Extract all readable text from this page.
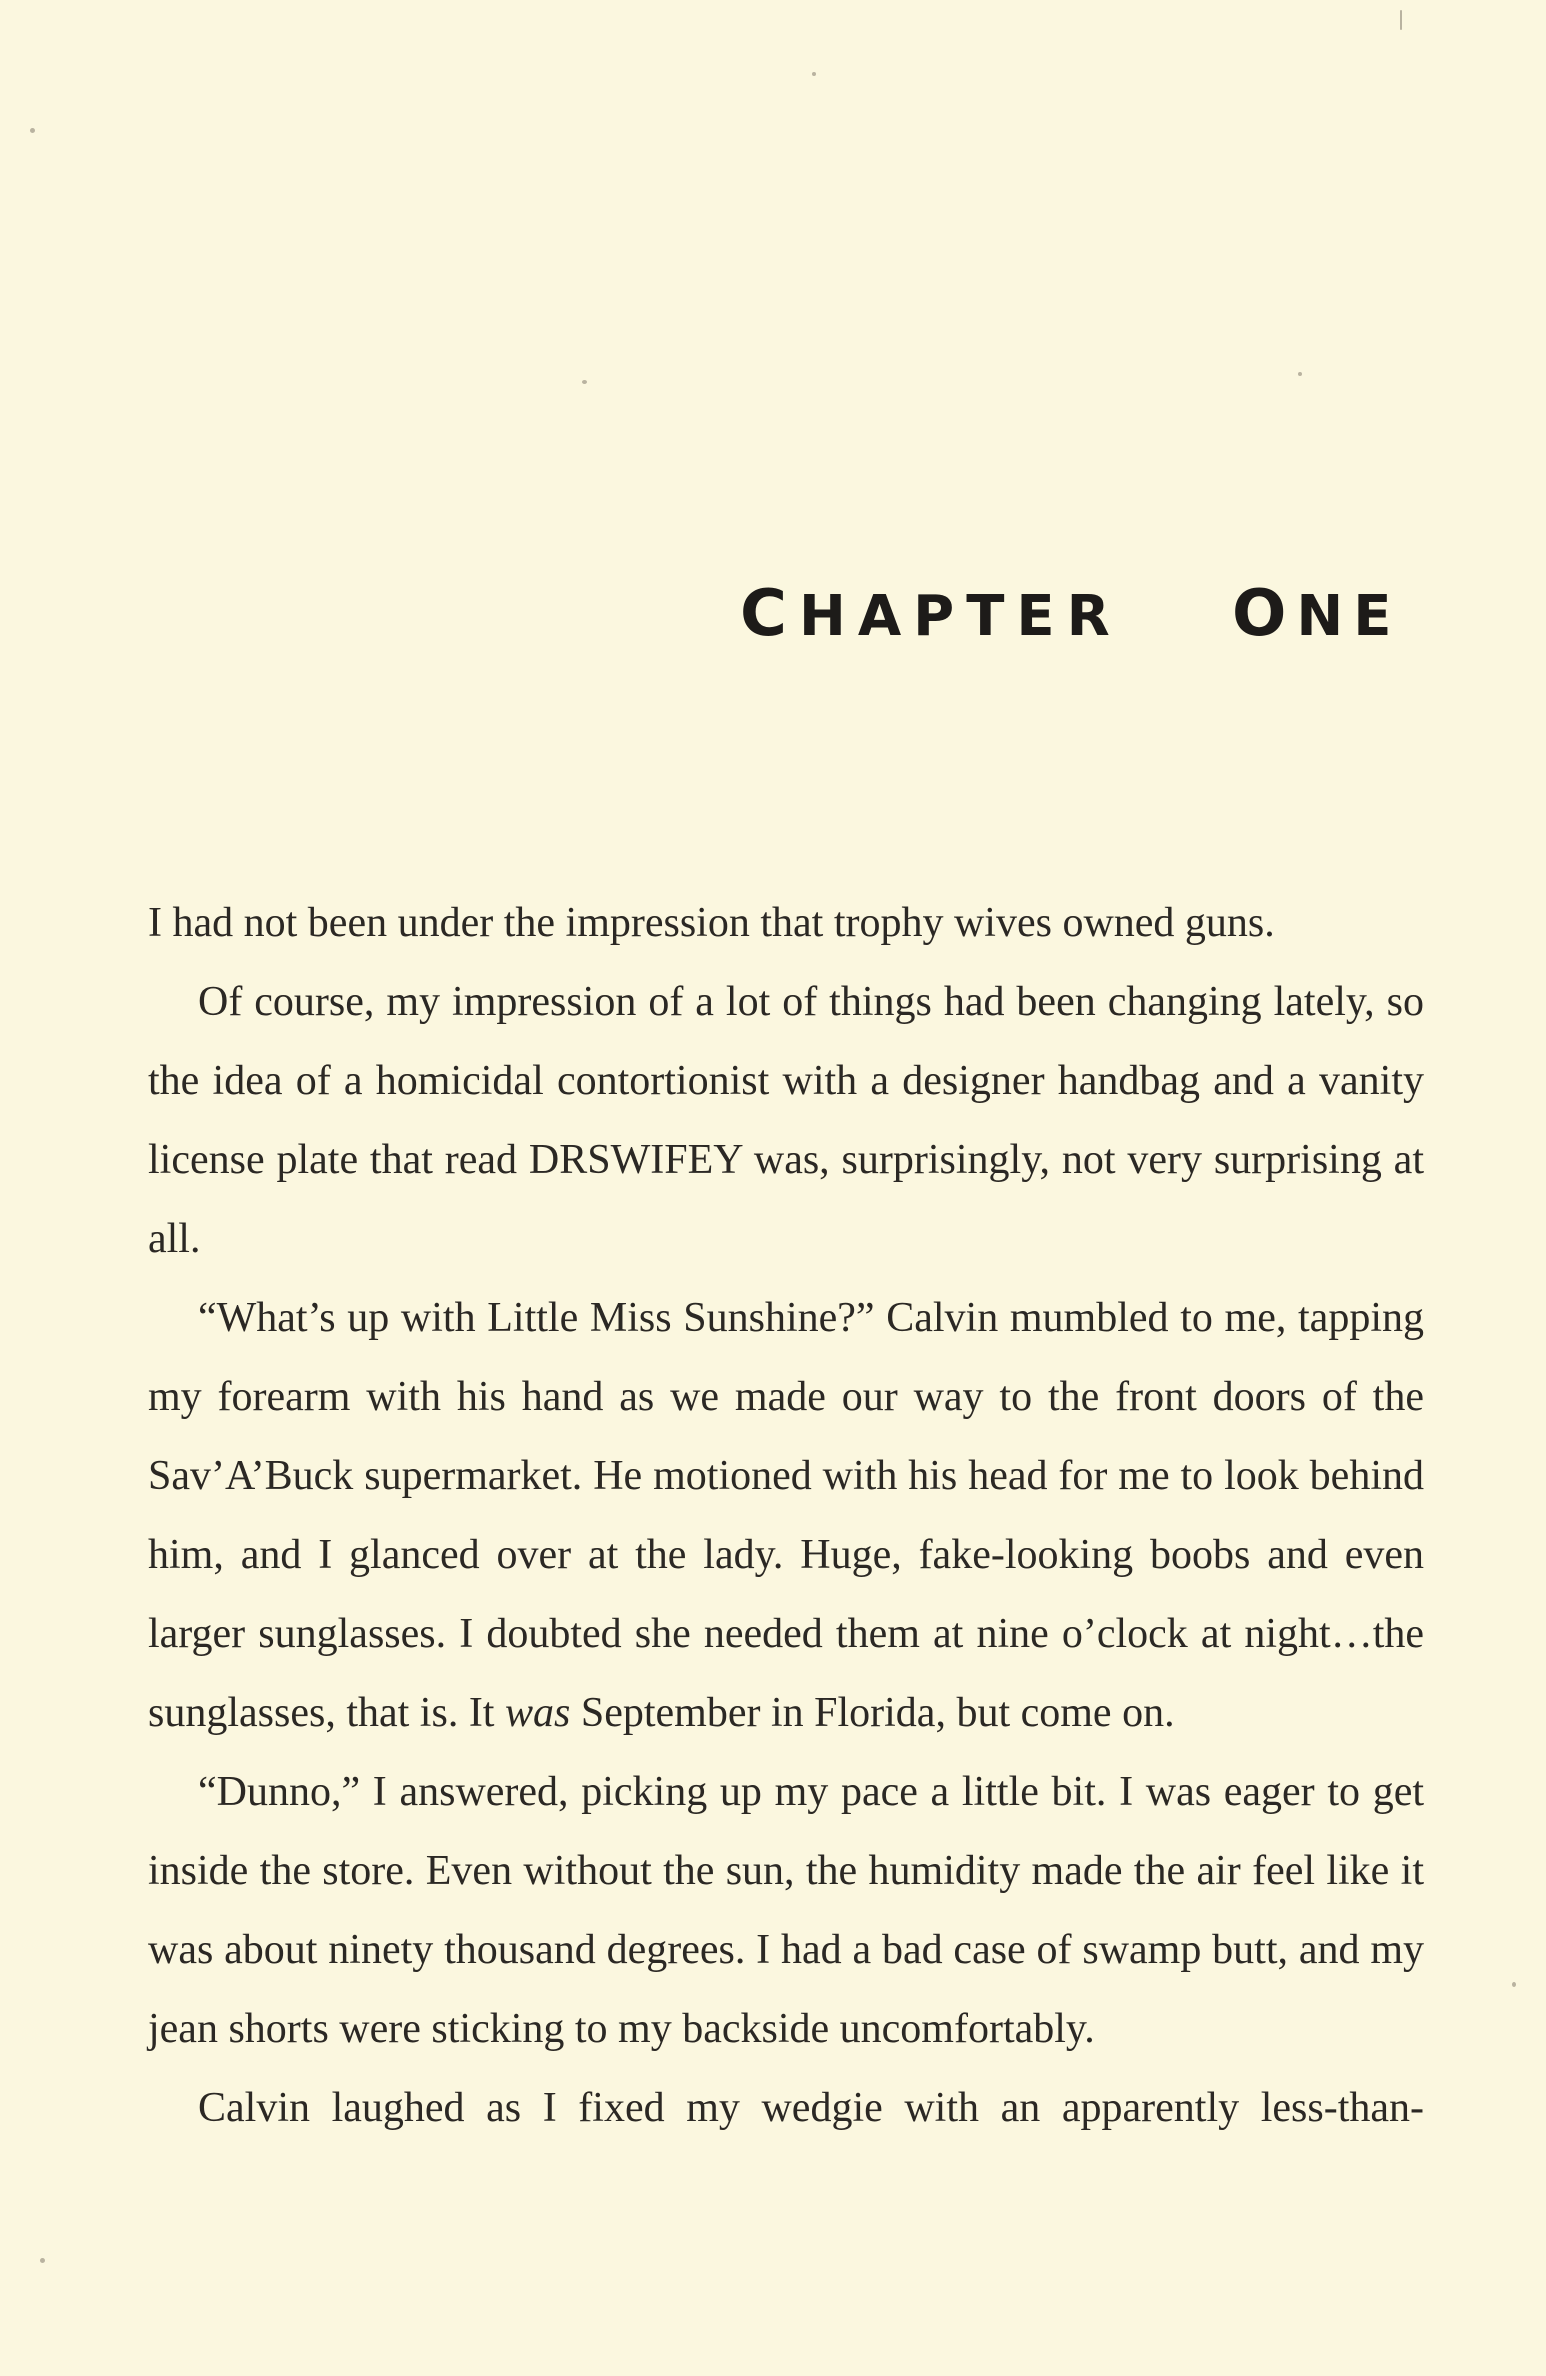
CHAPTER ONE

I had not been under the impression that trophy wives owned guns.

Of course, my impression of a lot of things had been changing lately, so the idea of a homicidal contortionist with a designer handbag and a vanity license plate that read DRSWIFEY was, surprisingly, not very surprising at all.

“What’s up with Little Miss Sunshine?” Calvin mumbled to me, tapping my forearm with his hand as we made our way to the front doors of the Sav’A’Buck supermarket. He motioned with his head for me to look behind him, and I glanced over at the lady. Huge, fake-looking boobs and even larger sunglasses. I doubted she needed them at nine o’clock at night…the sunglasses, that is. It was September in Florida, but come on.

“Dunno,” I answered, picking up my pace a little bit. I was eager to get inside the store. Even without the sun, the humidity made the air feel like it was about ninety thousand degrees. I had a bad case of swamp butt, and my jean shorts were sticking to my backside uncomfortably.

Calvin laughed as I fixed my wedgie with an apparently less-than-
